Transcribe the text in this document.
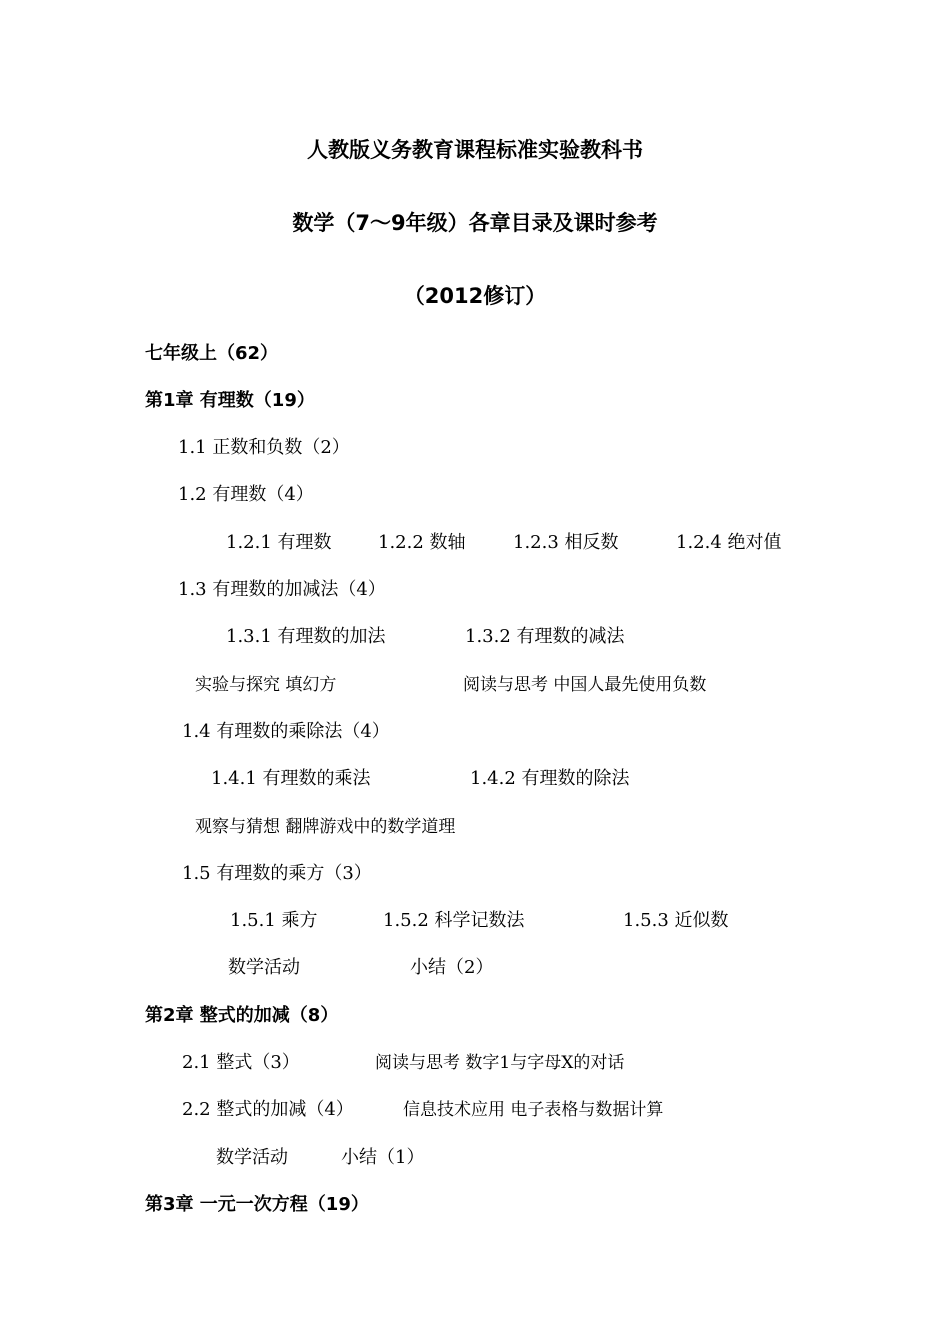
人教版义务教育课程标准实验教科书
数学（7～9年级）各章目录及课时参考
（2012修订）
七年级上（62）
第1章 有理数（19）
1.1 正数和负数（2）
1.2 有理数（4）
1.2.1 有理数	1.2.2 数轴	1.2.3 相反数	1.2.4 绝对值
1.3 有理数的加减法（4）
1.3.1 有理数的加法	1.3.2 有理数的减法
实验与探究 填幻方	阅读与思考 中国人最先使用负数
1.4 有理数的乘除法（4）
1.4.1 有理数的乘法	1.4.2 有理数的除法
观察与猜想 翻牌游戏中的数学道理
1.5 有理数的乘方（3）
1.5.1 乘方	1.5.2 科学记数法	1.5.3 近似数
数学活动	小结（2）
第2章 整式的加减（8）
2.1 整式（3）	阅读与思考 数字1与字母X的对话
2.2 整式的加减（4）	信息技术应用 电子表格与数据计算
数学活动	小结（1）
第3章 一元一次方程（19）
